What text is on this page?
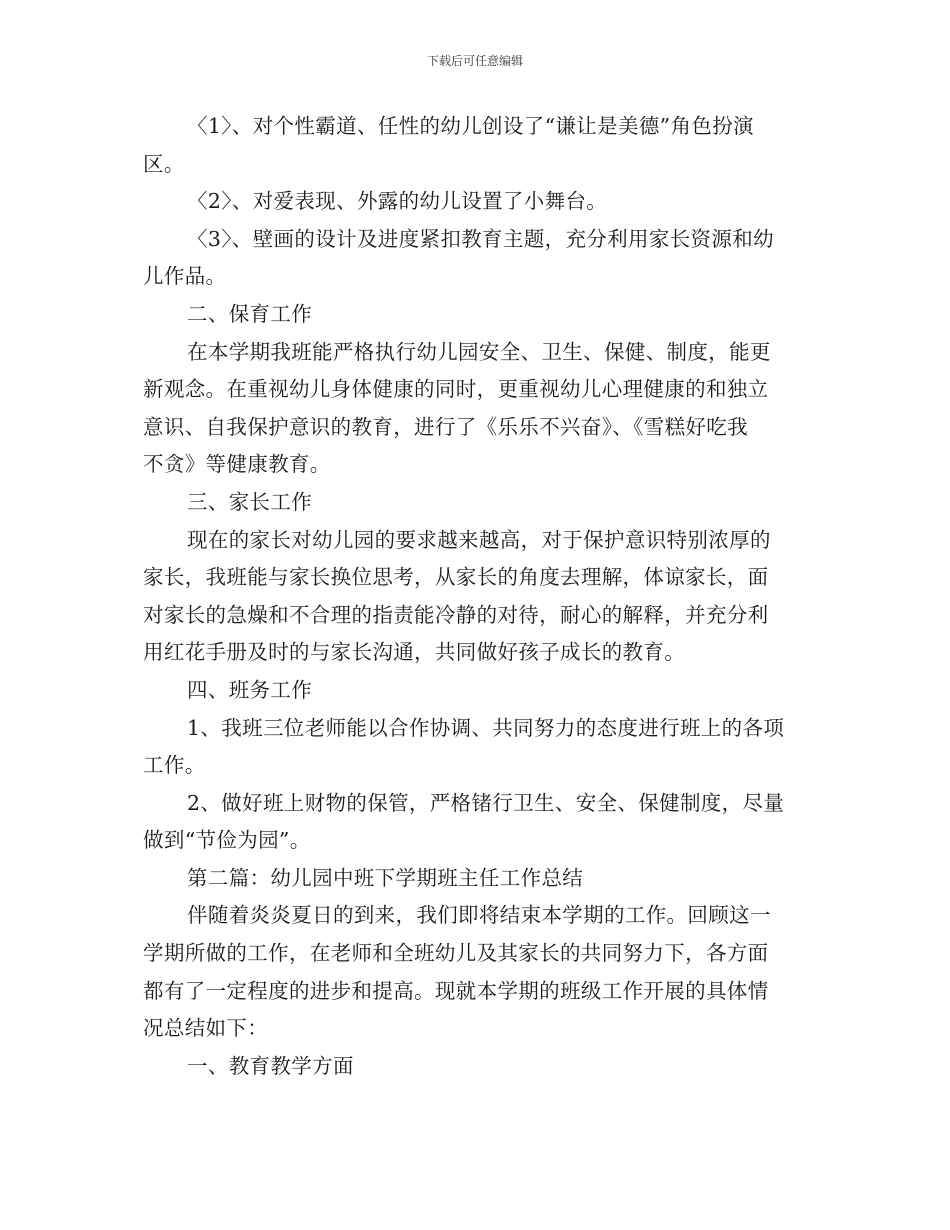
下载后可任意编辑
〈1〉、对个性霸道、任性的幼儿创设了“谦让是美德”角色扮演
区。
〈2〉、对爱表现、外露的幼儿设置了小舞台。
〈3〉、壁画的设计及进度紧扣教育主题，充分利用家长资源和幼
儿作品。
二、保育工作
在本学期我班能严格执行幼儿园安全、卫生、保健、制度，能更
新观念。在重视幼儿身体健康的同时，更重视幼儿心理健康的和独立
意识、自我保护意识的教育，进行了《乐乐不兴奋》、《雪糕好吃我
不贪》等健康教育。
三、家长工作
现在的家长对幼儿园的要求越来越高，对于保护意识特别浓厚的
家长，我班能与家长换位思考，从家长的角度去理解，体谅家长，面
对家长的急燥和不合理的指责能冷静的对待，耐心的解释，并充分利
用红花手册及时的与家长沟通，共同做好孩子成长的教育。
四、班务工作
1、我班三位老师能以合作协调、共同努力的态度进行班上的各项
工作。
2、做好班上财物的保管，严格锗行卫生、安全、保健制度，尽量
做到“节俭为园”。
第二篇：幼儿园中班下学期班主任工作总结
伴随着炎炎夏日的到来，我们即将结束本学期的工作。回顾这一
学期所做的工作，在老师和全班幼儿及其家长的共同努力下，各方面
都有了一定程度的进步和提高。现就本学期的班级工作开展的具体情
况总结如下：
一、教育教学方面
